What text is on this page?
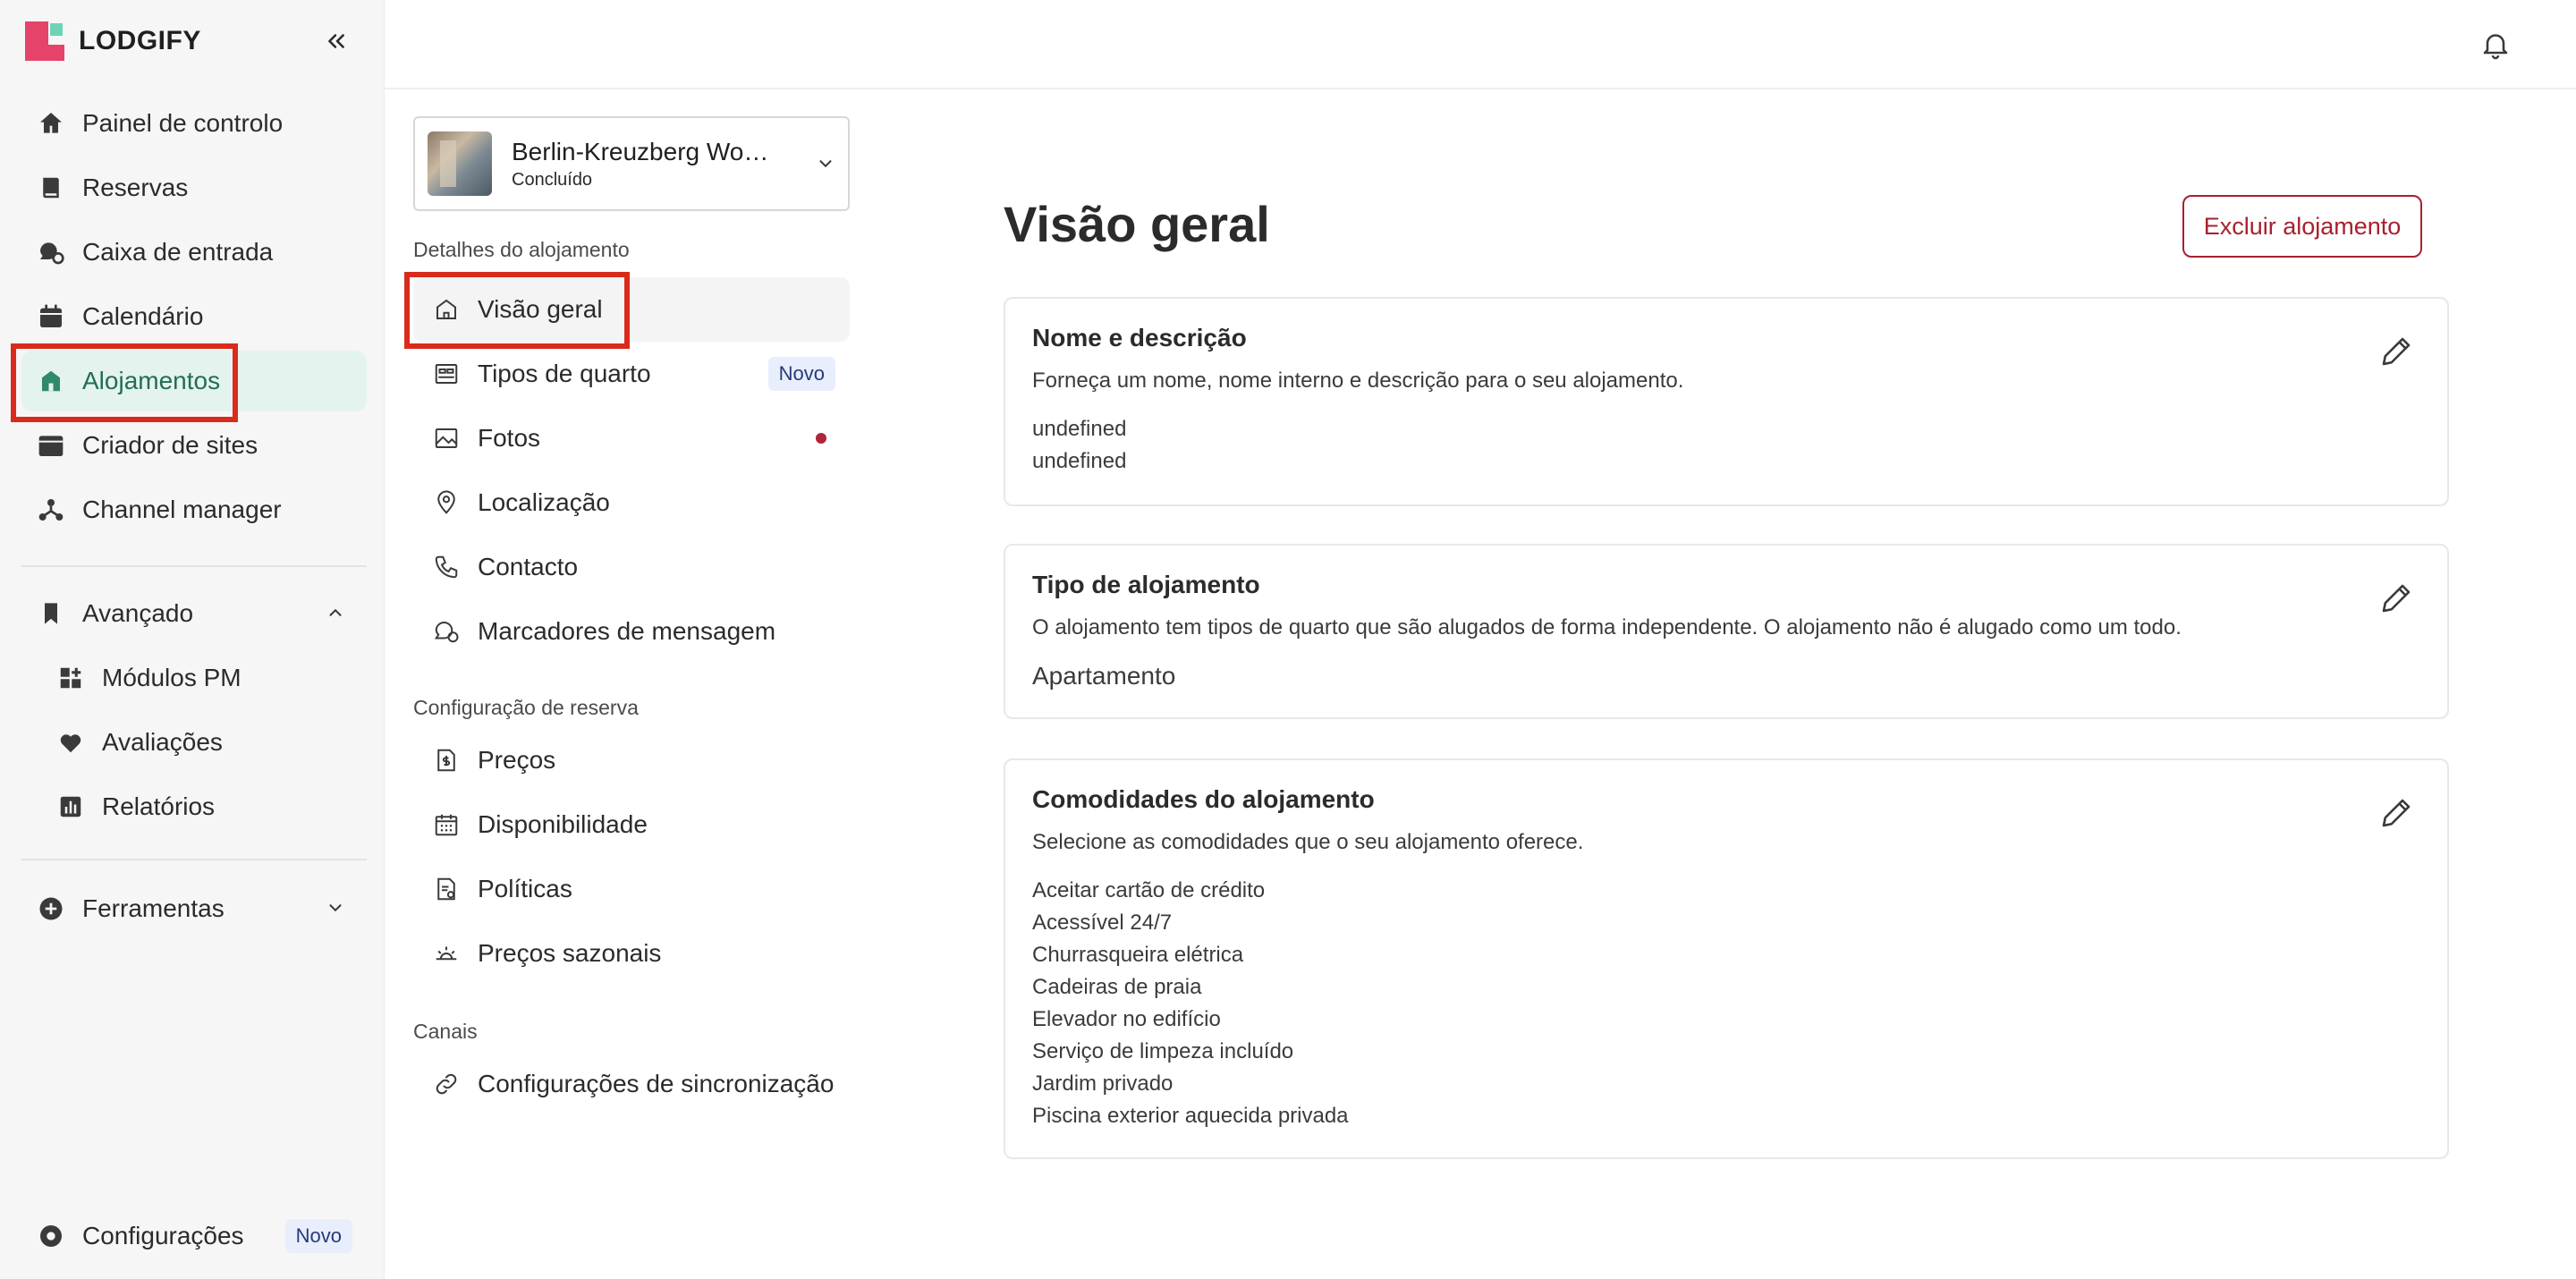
LODGIFY
Painel de controlo
Reservas
Caixa de entrada
Calendário
Alojamentos
Criador de sites
Channel manager
Avançado
Módulos PM
Avaliações
Relatórios
Ferramentas
Configurações	Novo
Berlin-Kreuzberg Wo…
Concluído
Detalhes do alojamento
Visão geral
Tipos de quarto	Novo
Fotos
Localização
Contacto
Marcadores de mensagem
Configuração de reserva
Preços
Disponibilidade
Políticas
Preços sazonais
Canais
Configurações de sincronização
Visão geral	Excluir alojamento
Nome e descrição
Forneça um nome, nome interno e descrição para o seu alojamento.
undefined
undefined
Tipo de alojamento
O alojamento tem tipos de quarto que são alugados de forma independente. O alojamento não é alugado como um todo.
Apartamento
Comodidades do alojamento
Selecione as comodidades que o seu alojamento oferece.
Aceitar cartão de crédito
Acessível 24/7
Churrasqueira elétrica
Cadeiras de praia
Elevador no edifício
Serviço de limpeza incluído
Jardim privado
Piscina exterior aquecida privada
